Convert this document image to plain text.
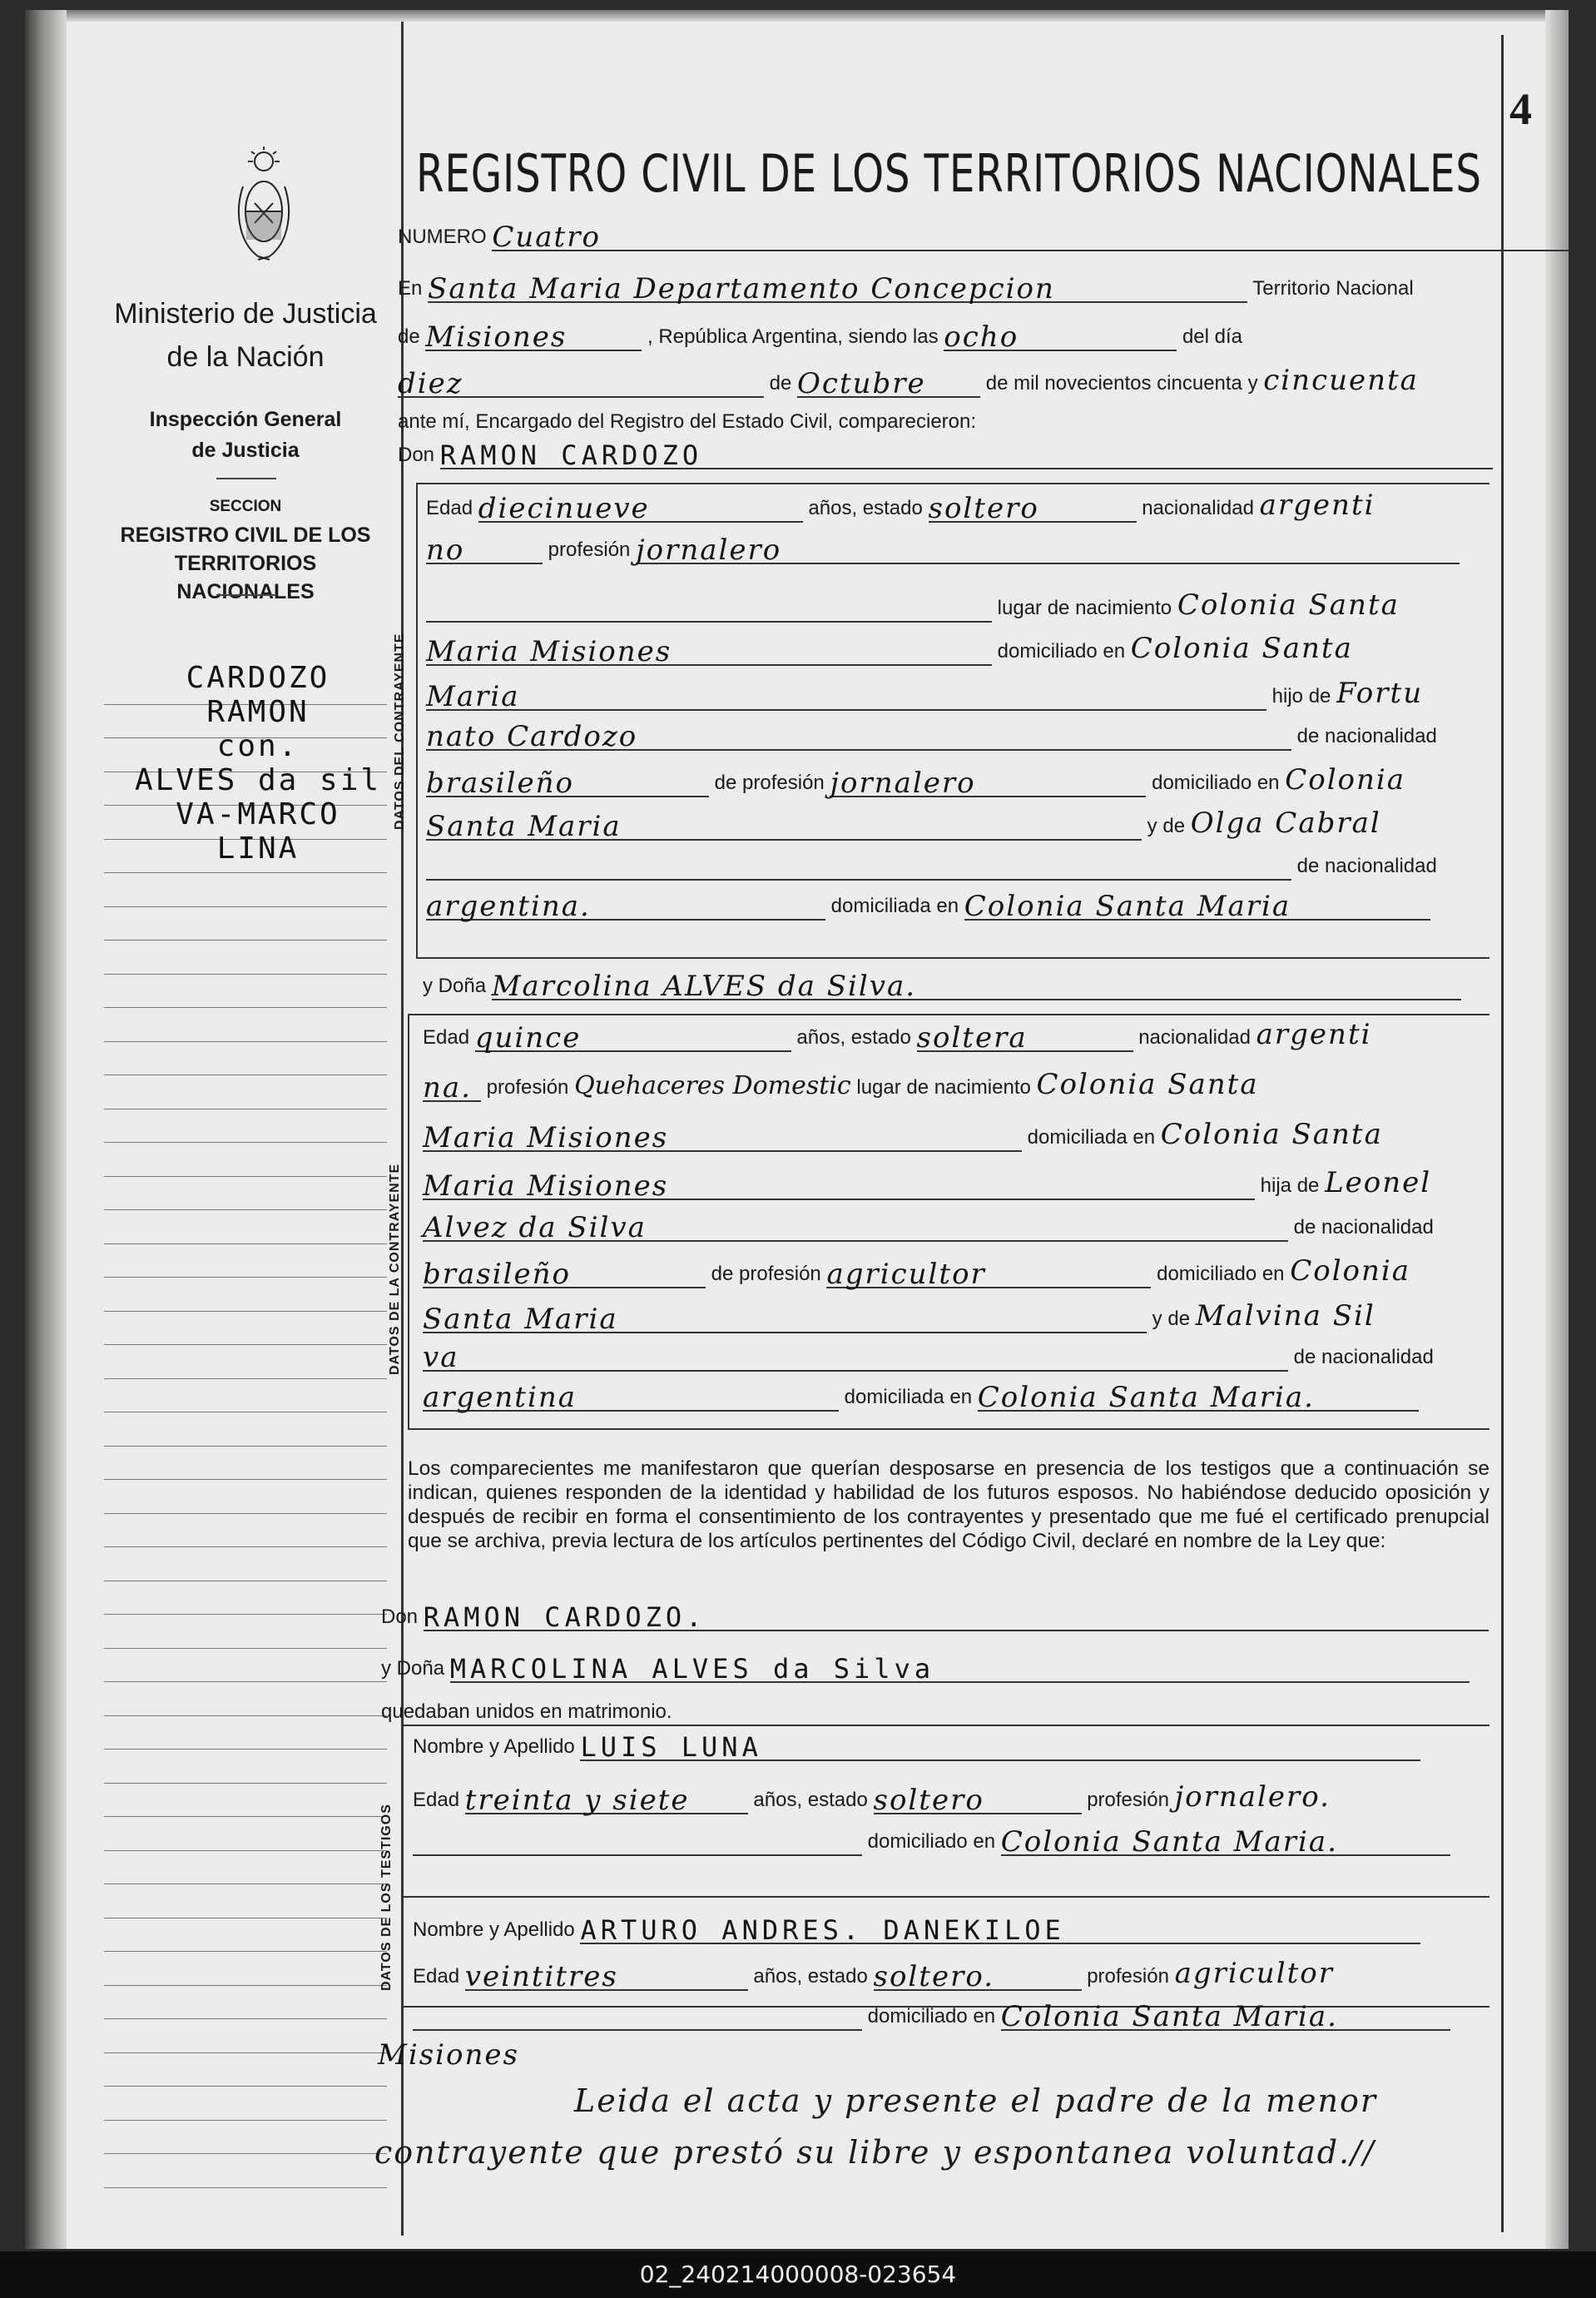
4
Ministerio de Justicia
de la Nación
Inspección General
de Justicia
SECCION
REGISTRO CIVIL DE LOS
TERRITORIOS NACIONALES
CARDOZO
RAMON
con.
ALVES da sil
VA-MARCO
LINA
REGISTRO CIVIL DE LOS TERRITORIOS NACIONALES
NUMERO Cuatro
En Santa Maria Departamento Concepcion	Territorio Nacional
de Misiones	, República Argentina, siendo las ocho	del día
diez	de Octubre	de mil novecientos cincuenta y cincuenta
ante mí, Encargado del Registro del Estado Civil, comparecieron:
Don RAMON CARDOZO
DATOS DEL CONTRAYENTE
Edad diecinueve	años, estado soltero	nacionalidad argenti
no	profesión jornalero
lugar de nacimiento Colonia Santa
Maria Misiones	domiciliado en Colonia Santa
Maria	hijo de Fortu
nato Cardozo	de nacionalidad
brasileño	de profesión jornalero	domiciliado en Colonia
Santa Maria	y de Olga Cabral
de nacionalidad
argentina.	domiciliada en Colonia Santa Maria
y Doña Marcolina ALVES da Silva.
DATOS DE LA CONTRAYENTE
Edad quince	años, estado soltera	nacionalidad argenti
na. profesión Quehaceres Domestic lugar de nacimiento Colonia Santa
Maria Misiones	domiciliada en Colonia Santa
Maria Misiones	hija de Leonel
Alvez da Silva	de nacionalidad
brasileño	de profesión agricultor	domiciliado en Colonia
Santa Maria	y de Malvina Sil
va	de nacionalidad
argentina	domiciliada en Colonia Santa Maria.
Los comparecientes me manifestaron que querían desposarse en presencia de los testigos que a continuación se indican, quienes responden de la identidad y habilidad de los futuros esposos. No habiéndose deducido oposición y después de recibir en forma el consentimiento de los contrayentes y presentado que me fué el certificado prenupcial que se archiva, previa lectura de los artículos pertinentes del Código Civil, declaré en nombre de la Ley que:
Don RAMON CARDOZO.
y Doña MARCOLINA ALVES da Silva
quedaban unidos en matrimonio.
DATOS DE LOS TESTIGOS
Nombre y Apellido LUIS LUNA
Edad treinta y siete	años, estado soltero	profesión jornalero.
domiciliado en Colonia Santa Maria.
Nombre y Apellido ARTURO ANDRES. DANEKILOE
Edad veintitres	años, estado soltero.	profesión agricultor
domiciliado en Colonia Santa Maria.
Misiones
Leida el acta y presente el padre de la menor
contrayente que prestó su libre y espontanea voluntad.//
02_240214000008-023654
